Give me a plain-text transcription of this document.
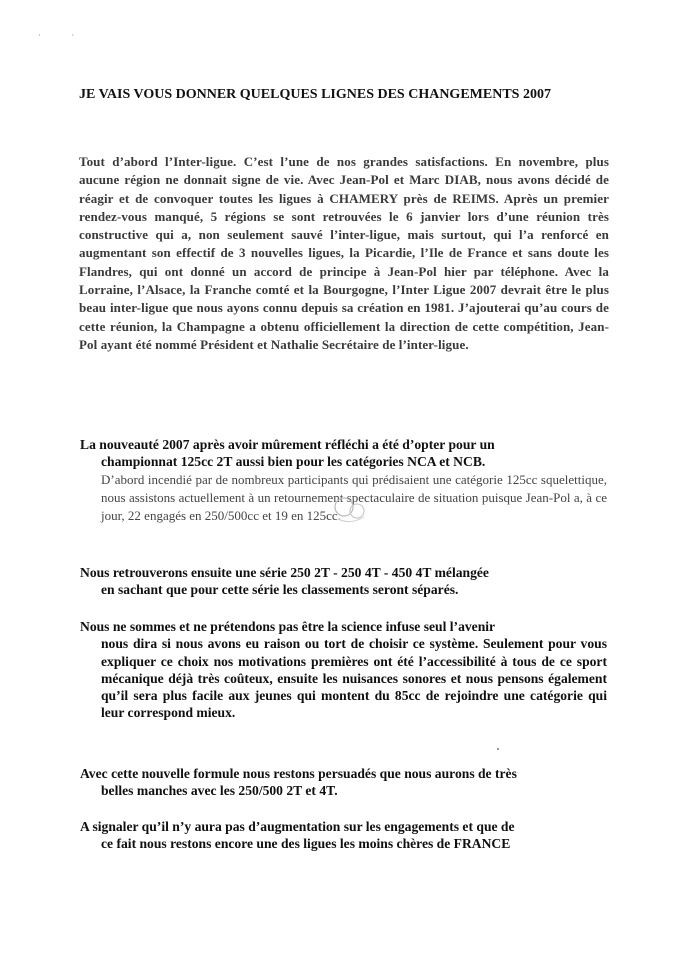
· ·
JE VAIS VOUS DONNER QUELQUES LIGNES DES CHANGEMENTS 2007

Tout d’abord l’Inter-ligue. C’est l’une de nos grandes satisfactions. En novembre, plus aucune région ne donnait signe de vie. Avec Jean-Pol et Marc DIAB, nous avons décidé de réagir et de convoquer toutes les ligues à CHAMERY près de REIMS. Après un premier rendez-vous manqué, 5 régions se sont retrouvées le 6 janvier lors d’une réunion très constructive qui a, non seulement sauvé l’inter-ligue, mais surtout, qui l’a renforcé en augmentant son effectif de 3 nouvelles ligues, la Picardie, l’Ile de France et sans doute les Flandres, qui ont donné un accord de principe à Jean-Pol hier par téléphone. Avec la Lorraine, l’Alsace, la Franche comté et la Bourgogne, l’Inter Ligue 2007 devrait être le plus beau inter-ligue que nous ayons connu depuis sa création en 1981. J’ajouterai qu’au cours de cette réunion, la Champagne a obtenu officiellement la direction de cette compétition, Jean-Pol ayant été nommé Président et Nathalie Secrétaire de l’inter-ligue.

La nouveauté 2007 après avoir mûrement réfléchi a été d’opter pour un
championnat 125cc 2T aussi bien pour les catégories NCA et NCB.
D’abord incendié par de nombreux participants qui prédisaient une catégorie 125cc squelettique, nous assistons actuellement à un retournement spectaculaire de situation puisque Jean-Pol a, à ce jour, 22 engagés en 250/500cc et 19 en 125cc.
Nous retrouverons ensuite une série 250 2T - 250 4T - 450 4T mélangée
en sachant que pour cette série les classements seront séparés.
Nous ne sommes et ne prétendons pas être la science infuse seul l’avenir
nous dira si nous avons eu raison ou tort de choisir ce système. Seulement pour vous expliquer ce choix nos motivations premières ont été l’accessibilité à tous de ce sport mécanique déjà très coûteux, ensuite les nuisances sonores et nous pensons également qu’il sera plus facile aux jeunes qui montent du 85cc de rejoindre une catégorie qui leur correspond mieux.
Avec cette nouvelle formule nous restons persuadés que nous aurons de très
belles manches avec les 250/500 2T et 4T.
A signaler qu’il n’y aura pas d’augmentation sur les engagements et que de
ce fait nous restons encore une des ligues les moins chères de FRANCE
